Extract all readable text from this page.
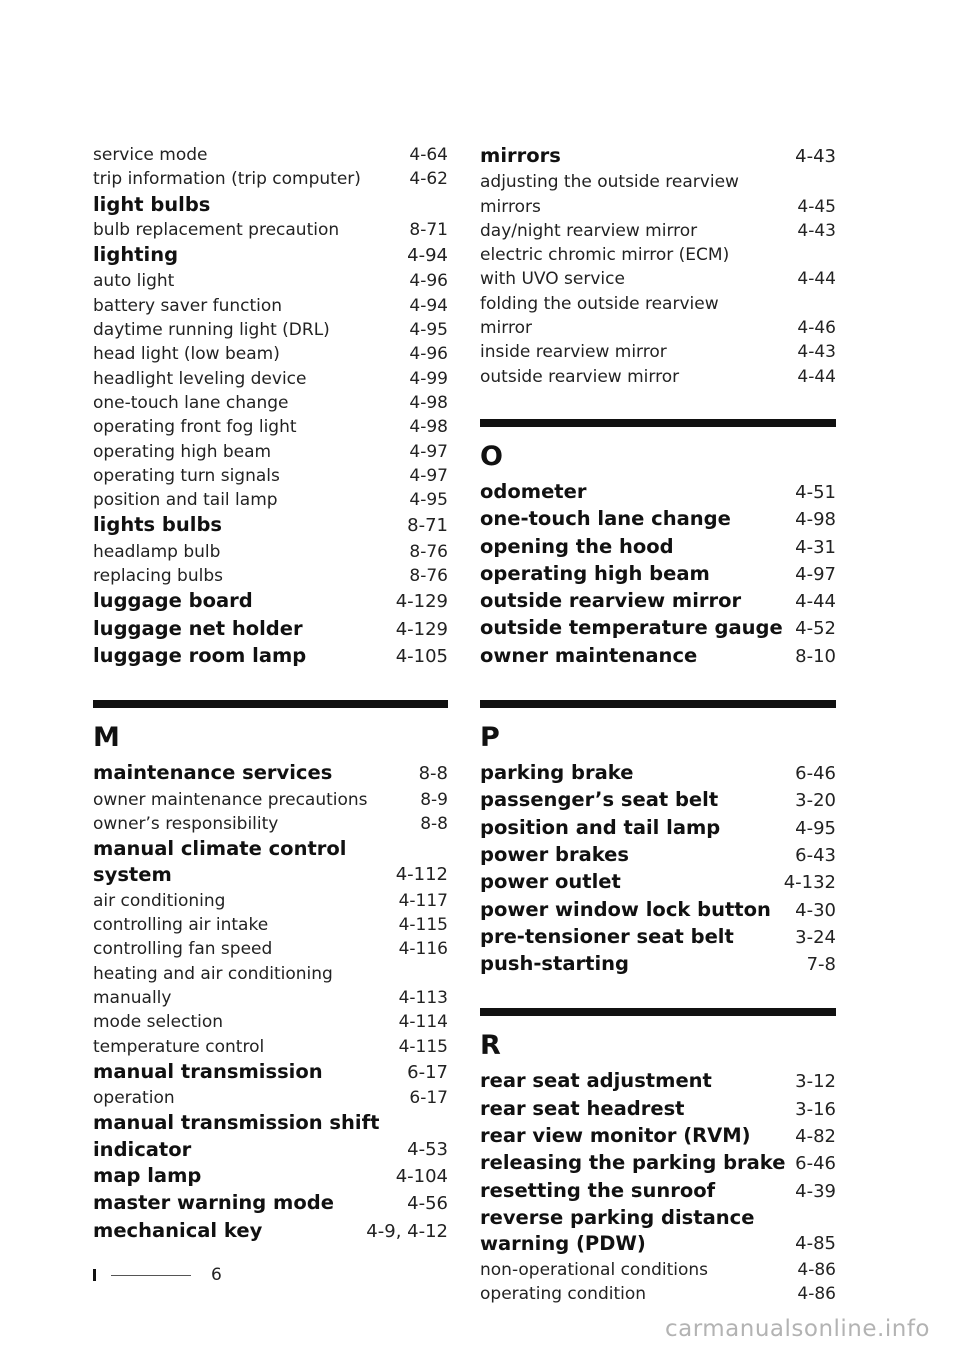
service mode	4-64
trip information (trip computer)	4-62
light bulbs
bulb replacement precaution	8-71
lighting	4-94
auto light	4-96
battery saver function	4-94
daytime running light (DRL)	4-95
head light (low beam)	4-96
headlight leveling device	4-99
one-touch lane change	4-98
operating front fog light	4-98
operating high beam	4-97
operating turn signals	4-97
position and tail lamp	4-95
lights bulbs	8-71
headlamp bulb	8-76
replacing bulbs	8-76
luggage board	4-129
luggage net holder	4-129
luggage room lamp	4-105
M
maintenance services	8-8
owner maintenance precautions	8-9
owner’s responsibility	8-8
manual climate control
system	4-112
air conditioning	4-117
controlling air intake	4-115
controlling fan speed	4-116
heating and air conditioning
manually	4-113
mode selection	4-114
temperature control	4-115
manual transmission	6-17
operation	6-17
manual transmission shift
indicator	4-53
map lamp	4-104
master warning mode	4-56
mechanical key	4-9, 4-12
mirrors	4-43
adjusting the outside rearview
mirrors	4-45
day/night rearview mirror	4-43
electric chromic mirror (ECM)
with UVO service	4-44
folding the outside rearview
mirror	4-46
inside rearview mirror	4-43
outside rearview mirror	4-44
O
odometer	4-51
one-touch lane change	4-98
opening the hood	4-31
operating high beam	4-97
outside rearview mirror	4-44
outside temperature gauge 4-52
owner maintenance	8-10
P
parking brake	6-46
passenger’s seat belt	3-20
position and tail lamp	4-95
power brakes	6-43
power outlet	4-132
power window lock button	4-30
pre-tensioner seat belt	3-24
push-starting	7-8
R
rear seat adjustment	3-12
rear seat headrest	3-16
rear view monitor (RVM)	4-82
releasing the parking brake 6-46
resetting the sunroof	4-39
reverse parking distance
warning (PDW)	4-85
non-operational conditions	4-86
operating condition	4-86
6
carmanualsonline.info
